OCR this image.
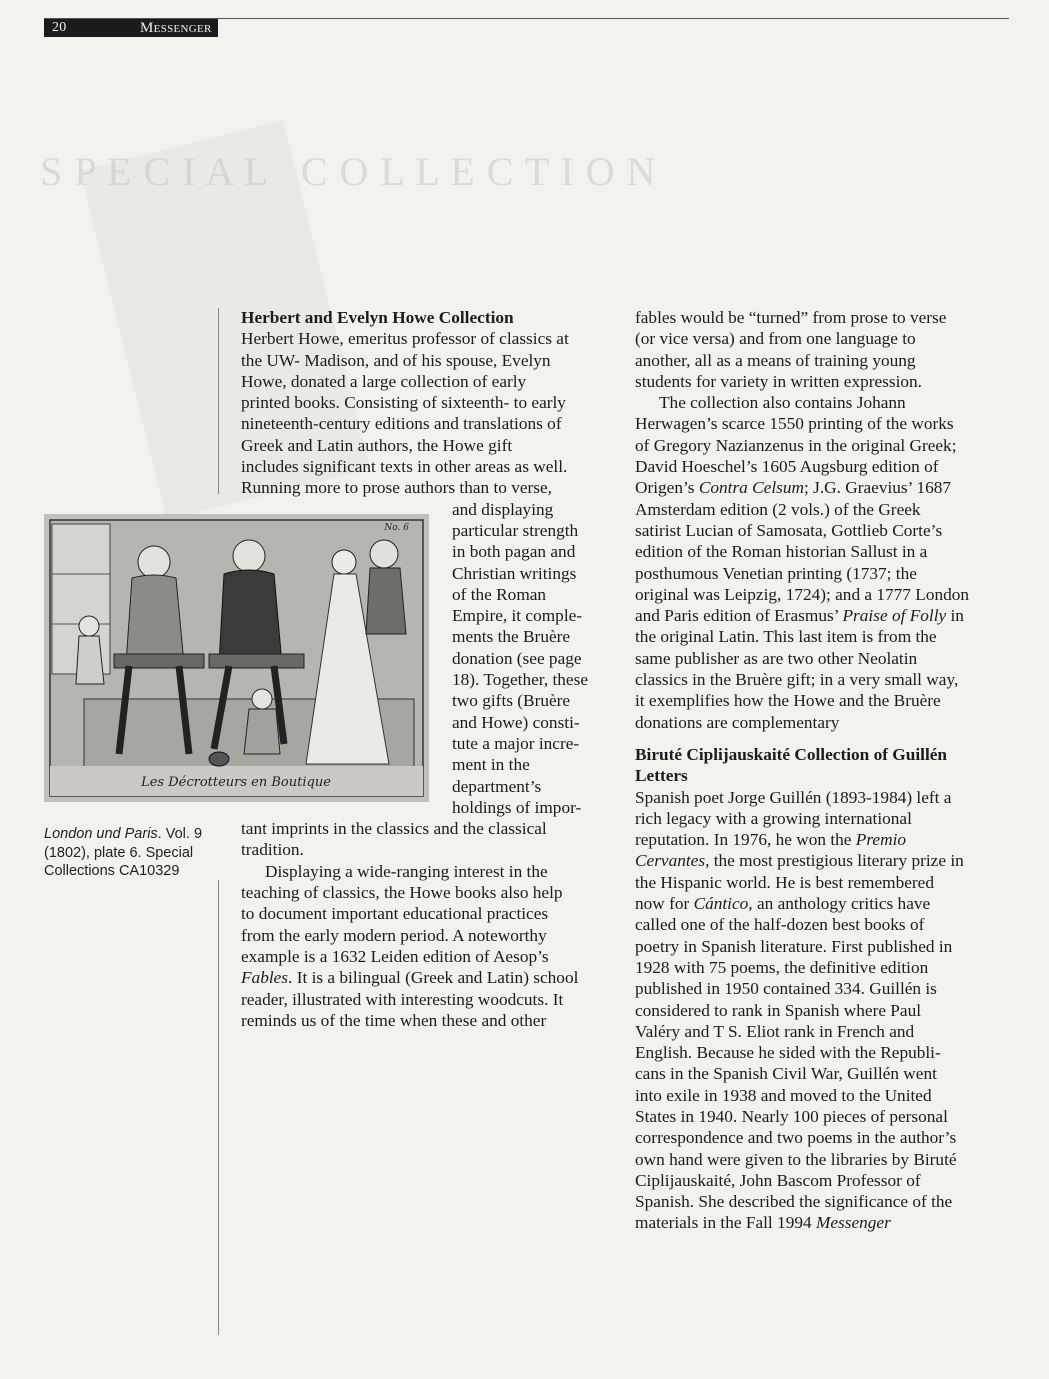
20	Messenger
S P E C I A L   C O L L E C T I O N

Herbert and Evelyn Howe Collection

Herbert Howe, emeritus professor of classics at

the UW- Madison, and of his spouse, Evelyn

Howe, donated a large collection of early

printed books. Consisting of sixteenth- to early

nineteenth-century editions and translations of

Greek and Latin authors, the Howe gift

includes significant texts in other areas as well.

Running more to prose authors than to verse,

and displaying

particular strength

in both pagan and

Christian writings

of the Roman

Empire, it comple-

ments the Bruère

donation (see page

18). Together, these

two gifts (Bruère

and Howe) consti-

tute a major incre-

ment in the

department’s

holdings of impor-

tant imprints in the classics and the classical

tradition.

Displaying a wide-ranging interest in the

teaching of classics, the Howe books also help

to document important educational practices

from the early modern period. A noteworthy

example is a 1632 Leiden edition of Aesop’s

Fables. It is a bilingual (Greek and Latin) school

reader, illustrated with interesting woodcuts. It

reminds us of the time when these and other

No. 6
Les Décrotteurs en Boutique
London und Paris. Vol. 9 (1802), plate 6. Special Collections CA10329

fables would be “turned” from prose to verse

(or vice versa) and from one language to

another, all as a means of training young

students for variety in written expression.

The collection also contains Johann

Herwagen’s scarce 1550 printing of the works

of Gregory Nazianzenus in the original Greek;

David Hoeschel’s 1605 Augsburg edition of

Origen’s Contra Celsum; J.G. Graevius’ 1687

Amsterdam edition (2 vols.) of the Greek

satirist Lucian of Samosata, Gottlieb Corte’s

edition of the Roman historian Sallust in a

posthumous Venetian printing (1737; the

original was Leipzig, 1724); and a 1777 London

and Paris edition of Erasmus’ Praise of Folly in

the original Latin. This last item is from the

same publisher as are two other Neolatin

classics in the Bruère gift; in a very small way,

it exemplifies how the Howe and the Bruère

donations are complementary

Biruté Ciplijauskaité Collection of Guillén

Letters

Spanish poet Jorge Guillén (1893-1984) left a

rich legacy with a growing international

reputation. In 1976, he won the Premio

Cervantes, the most prestigious literary prize in

the Hispanic world. He is best remembered

now for Cántico, an anthology critics have

called one of the half-dozen best books of

poetry in Spanish literature. First published in

1928 with 75 poems, the definitive edition

published in 1950 contained 334. Guillén is

considered to rank in Spanish where Paul

Valéry and T S. Eliot rank in French and

English. Because he sided with the Republi-

cans in the Spanish Civil War, Guillén went

into exile in 1938 and moved to the United

States in 1940. Nearly 100 pieces of personal

correspondence and two poems in the author’s

own hand were given to the libraries by Biruté

Ciplijauskaité, John Bascom Professor of

Spanish. She described the significance of the

materials in the Fall 1994 Messenger
